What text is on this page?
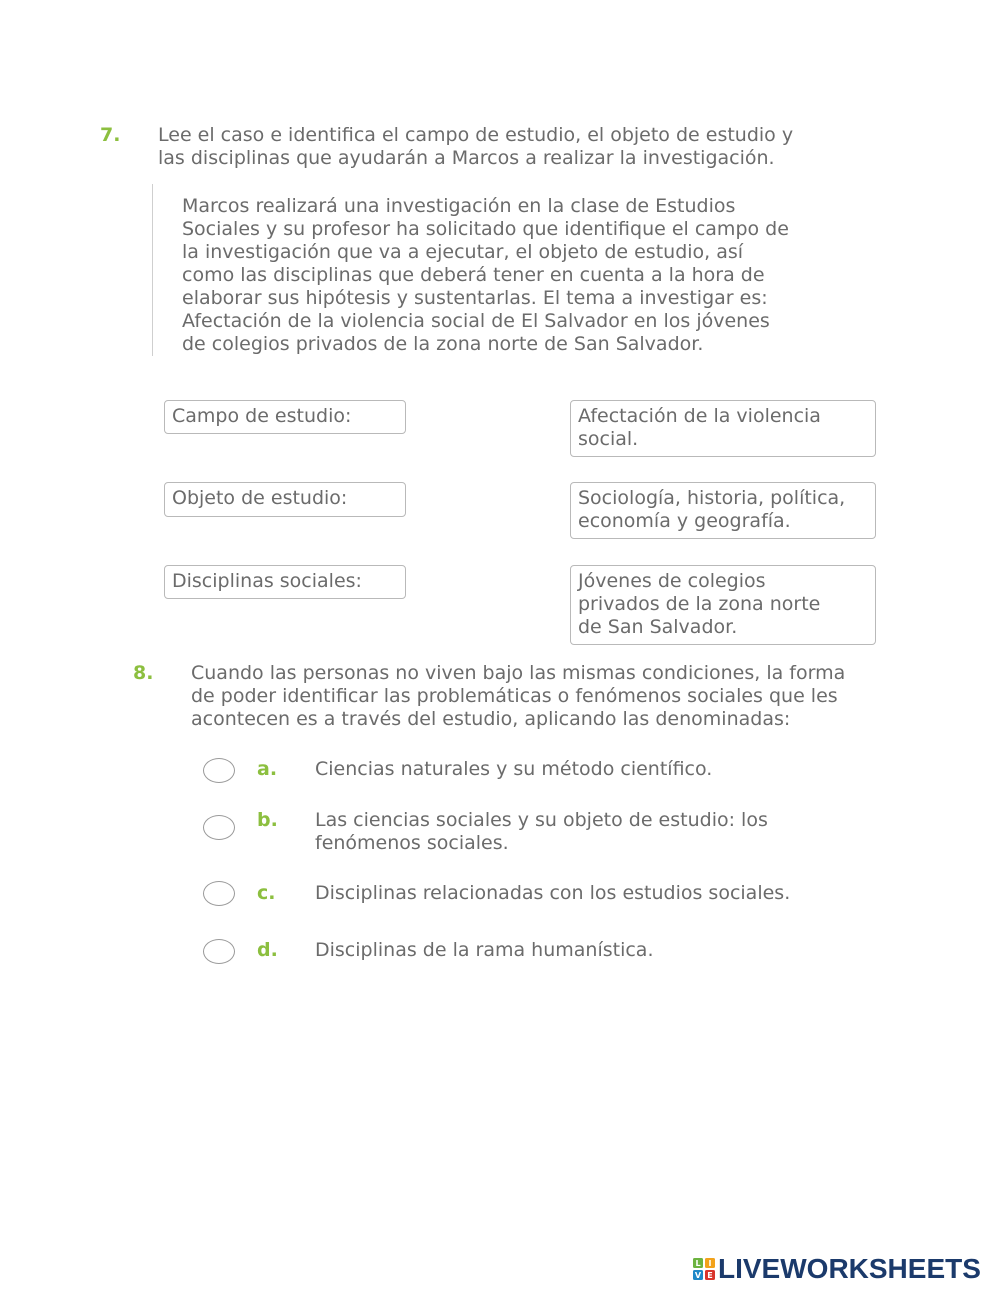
7. Lee el caso e identifica el campo de estudio, el objeto de estudio y
las disciplinas que ayudarán a Marcos a realizar la investigación.
Marcos realizará una investigación en la clase de Estudios
Sociales y su profesor ha solicitado que identifique el campo de
la investigación que va a ejecutar, el objeto de estudio, así
como las disciplinas que deberá tener en cuenta a la hora de
elaborar sus hipótesis y sustentarlas. El tema a investigar es:
Afectación de la violencia social de El Salvador en los jóvenes
de colegios privados de la zona norte de San Salvador.
Campo de estudio:
Objeto de estudio:
Disciplinas sociales:
Afectación de la violencia
social.
Sociología, historia, política,
economía y geografía.
Jóvenes de colegios
privados de la zona norte
de San Salvador.
8. Cuando las personas no viven bajo las mismas condiciones, la forma
de poder identificar las problemáticas o fenómenos sociales que les
acontecen es a través del estudio, aplicando las denominadas:
a. Ciencias naturales y su método científico.
b. Las ciencias sociales y su objeto de estudio: los
fenómenos sociales.
c. Disciplinas relacionadas con los estudios sociales.
d. Disciplinas de la rama humanística.
L I
V E LIVEWORKSHEETS
